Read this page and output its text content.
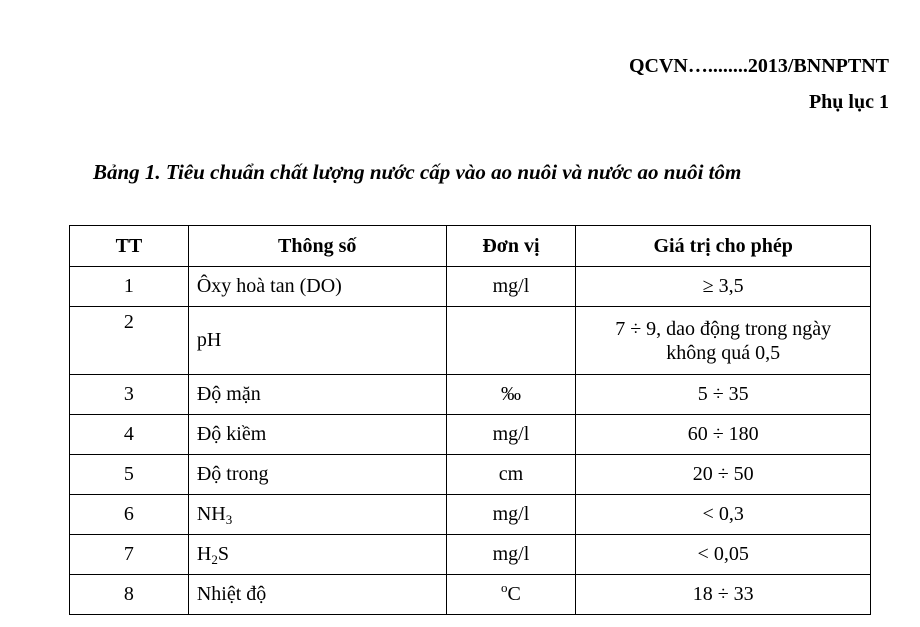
QCVN…........2013/BNNPTNT
Phụ lục 1
Bảng 1. Tiêu chuẩn chất lượng nước cấp vào ao nuôi và nước ao nuôi tôm
TT	Thông số	Đơn vị	Giá trị cho phép
1	Ôxy hoà tan (DO)	mg/l	≥ 3,5
2	pH		7 ÷ 9, dao động trong ngày
không quá 0,5

3	Độ mặn	‰	5 ÷ 35
4	Độ kiềm	mg/l	60 ÷ 180
5	Độ trong	cm	20 ÷ 50
6	$NH_3$	mg/l	< 0,3
7	$H_2S$	mg/l	< 0,05
8	Nhiệt độ	$^o$C	18 ÷ 33
